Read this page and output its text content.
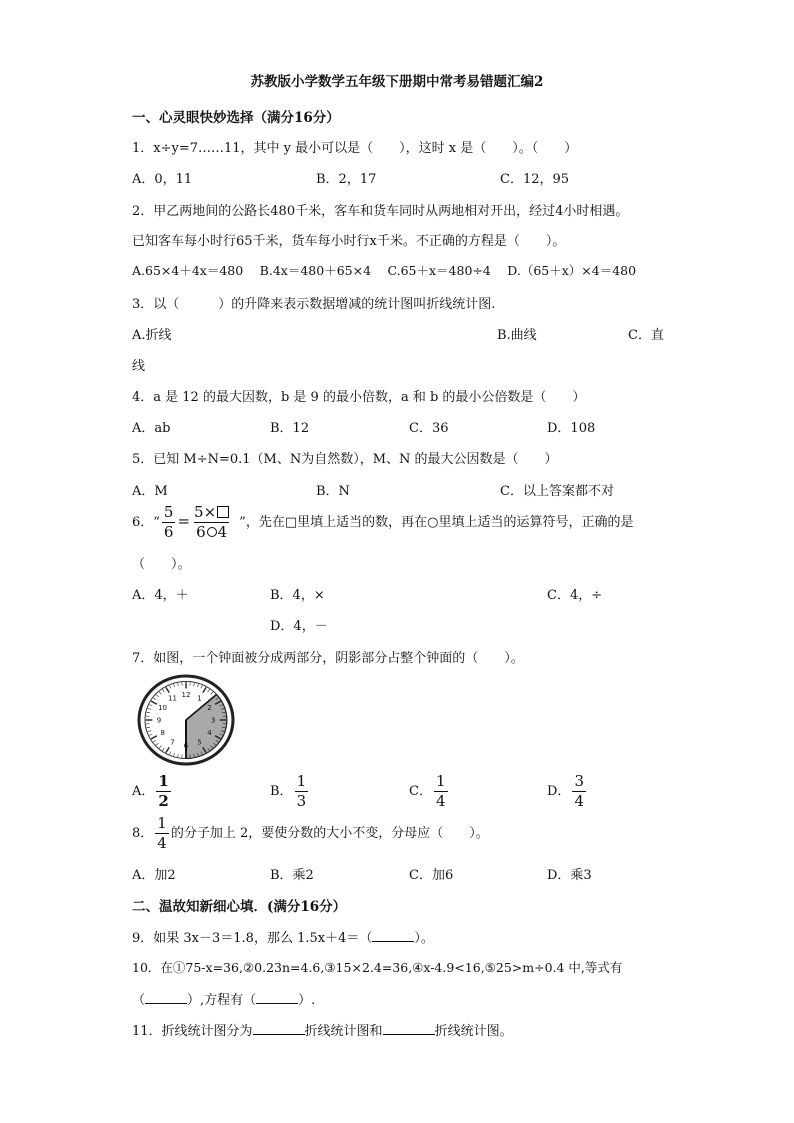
苏教版小学数学五年级下册期中常考易错题汇编2
一、心灵眼快妙选择（满分16分）
1．x÷y=7……11，其中 y 最小可以是（　　），这时 x 是（　　）。（　　）
A．0，11	B．2，17	C．12，95
2．甲乙两地间的公路长480千米，客车和货车同时从两地相对开出，经过4小时相遇。
已知客车每小时行65千米，货车每小时行x千米。不正确的方程是（　　）。
A.65×4＋4x＝480　 B.4x＝480＋65×4　 C.65＋x＝480÷4　 D.（65＋x）×4＝480
3．以（　　　）的升降来表示数据增减的统计图叫折线统计图.
A.折线	B.曲线	C．直
线
4．a 是 12 的最大因数，b 是 9 的最小倍数，a 和 b 的最小公倍数是（　　）
A．ab	B．12	C．36	D．108
5．已知 M÷N=0.1（M、N为自然数），M、N 的最大公因数是（　　）
A．M	B．N	C．以上答案都不对
6．“ $\frac{5}{6} = \frac{5\times}{6 4}$ ”，先在□里填上适当的数，再在○里填上适当的运算符号，正确的是
（　　）。
A．4，＋	B．4，×	C．4，÷
D．4，－
7．如图，一个钟面被分成两部分，阴影部分占整个钟面的（　　）。
12 1
2
3
4
5
6
7
8
9
10
11
A． $\frac{1}{2}$	B． $\frac{1}{3}$	C． $\frac{1}{4}$	D． $\frac{3}{4}$
8． $\frac{1}{4}$ 的分子加上 2，要使分数的大小不变，分母应（　　）。
A．加2	B．乘2	C．加6	D．乘3
二、温故知新细心填．(满分16分）
9．如果 3x－3＝1.8，那么 1.5x＋4＝（	）。
10．在①75-x=36,②0.23n=4.6,③15×2.4=36,④x-4.9<16,⑤25>m÷0.4 中,等式有
（	）,方程有（	）.
11．折线统计图分为	折线统计图和	折线统计图。
